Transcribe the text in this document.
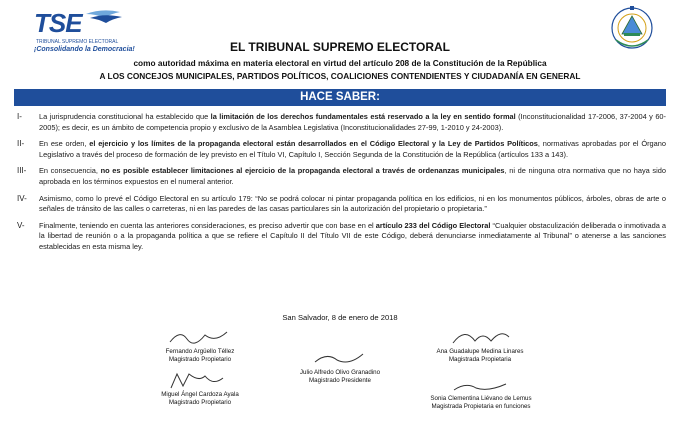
TSE
TRIBUNAL SUPREMO ELECTORAL
¡Consolidando la Democracia!	EL TRIBUNAL SUPREMO ELECTORAL
como autoridad máxima en materia electoral en virtud del artículo 208 de la Constitución de la República
A LOS CONCEJOS MUNICIPALES, PARTIDOS POLÍTICOS, COALICIONES CONTENDIENTES Y CIUDADANÍA EN GENERAL
HACE SABER:
I- La jurisprudencia constitucional ha establecido que la limitación de los derechos fundamentales está reservado a la ley en sentido formal (Inconstitucionalidad 17-2006, 37-2004 y 60-2005); es decir, es un ámbito de competencia propio y exclusivo de la Asamblea Legislativa (Inconstitucionalidades 27-99, 1-2010 y 24-2003).
II- En ese orden, el ejercicio y los límites de la propaganda electoral están desarrollados en el Código Electoral y la Ley de Partidos Políticos, normativas aprobadas por el Órgano Legislativo a través del proceso de formación de ley previsto en el Título VI, Capítulo I, Sección Segunda de la Constitución de la República (artículos 133 a 143).
III- En consecuencia, no es posible establecer limitaciones al ejercicio de la propaganda electoral a través de ordenanzas municipales, ni de ninguna otra normativa que no haya sido aprobada en los términos expuestos en el numeral anterior.
IV- Asimismo, como lo prevé el Código Electoral en su artículo 179: “No se podrá colocar ni pintar propaganda política en los edificios, ni en los monumentos públicos, árboles, obras de arte o señales de tránsito de las calles o carreteras, ni en las paredes de las casas particulares sin la autorización del propietario o propietaria.”
V- Finalmente, teniendo en cuenta las anteriores consideraciones, es preciso advertir que con base en el artículo 233 del Código Electoral “Cualquier obstaculización deliberada o inmotivada a la libertad de reunión o a la propaganda política a que se refiere el Capítulo II del Título VII de este Código, deberá denunciarse inmediatamente al Tribunal” o atenerse a las sanciones establecidas en esta misma ley.
San Salvador, 8 de enero de 2018
Fernando Argüello Téllez
Magistrado Propietario
Ana Guadalupe Medina Linares
Magistrada Propietaria
Julio Alfredo Olivo Granadino
Magistrado Presidente
Miguel Ángel Cardoza Ayala
Magistrado Propietario
Sonia Clementina Liévano de Lemus
Magistrada Propietaria en funciones
